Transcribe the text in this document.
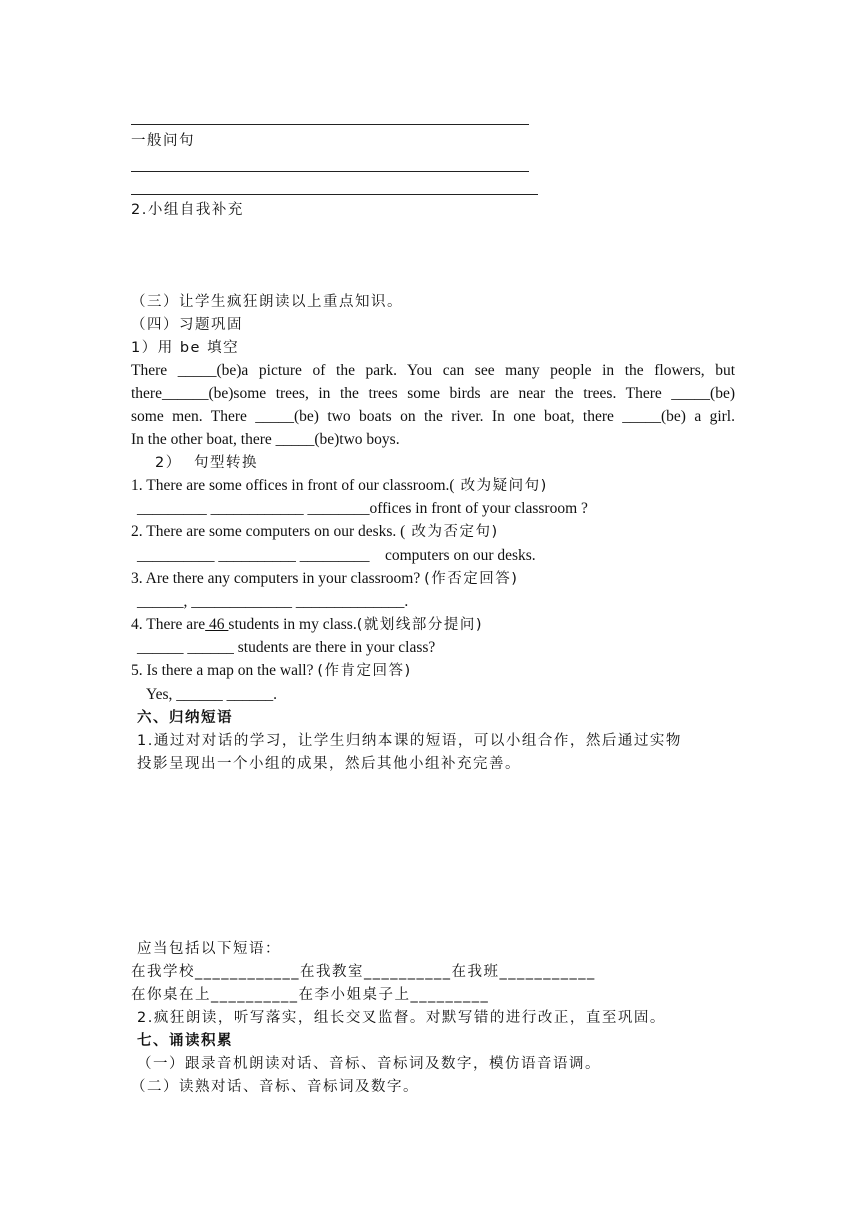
一般问句
2.小组自我补充
（三）让学生疯狂朗读以上重点知识。
（四）习题巩固
1）用 be 填空
There _____(be)a picture of the park. You can see many people in the flowers, but
there______(be)some trees, in the trees some birds are near the trees. There _____(be)
some men. There _____(be) two boats on the river. In one boat, there _____(be) a girl.
In the other boat, there _____(be)two boys.
2）  句型转换
1. There are some offices in front of our classroom.( 改为疑问句)
_________ ____________ ________offices in front of your classroom ?
2. There are some computers on our desks. ( 改为否定句)
__________ __________ _________    computers on our desks.
3. Are there any computers in your classroom? (作否定回答)
______, _____________ ______________.
4. There are 46 students in my class.(就划线部分提问)
______ ______ students are there in your class?
5. Is there a map on the wall? (作肯定回答)
Yes, ______ ______.
六、归纳短语
1.通过对对话的学习，让学生归纳本课的短语，可以小组合作，然后通过实物
投影呈现出一个小组的成果，然后其他小组补充完善。
应当包括以下短语：
在我学校____________在我教室__________在我班___________
在你桌在上__________在李小姐桌子上_________
2.疯狂朗读，听写落实，组长交叉监督。对默写错的进行改正，直至巩固。
七、诵读积累
（一）跟录音机朗读对话、音标、音标词及数字，模仿语音语调。
（二）读熟对话、音标、音标词及数字。
